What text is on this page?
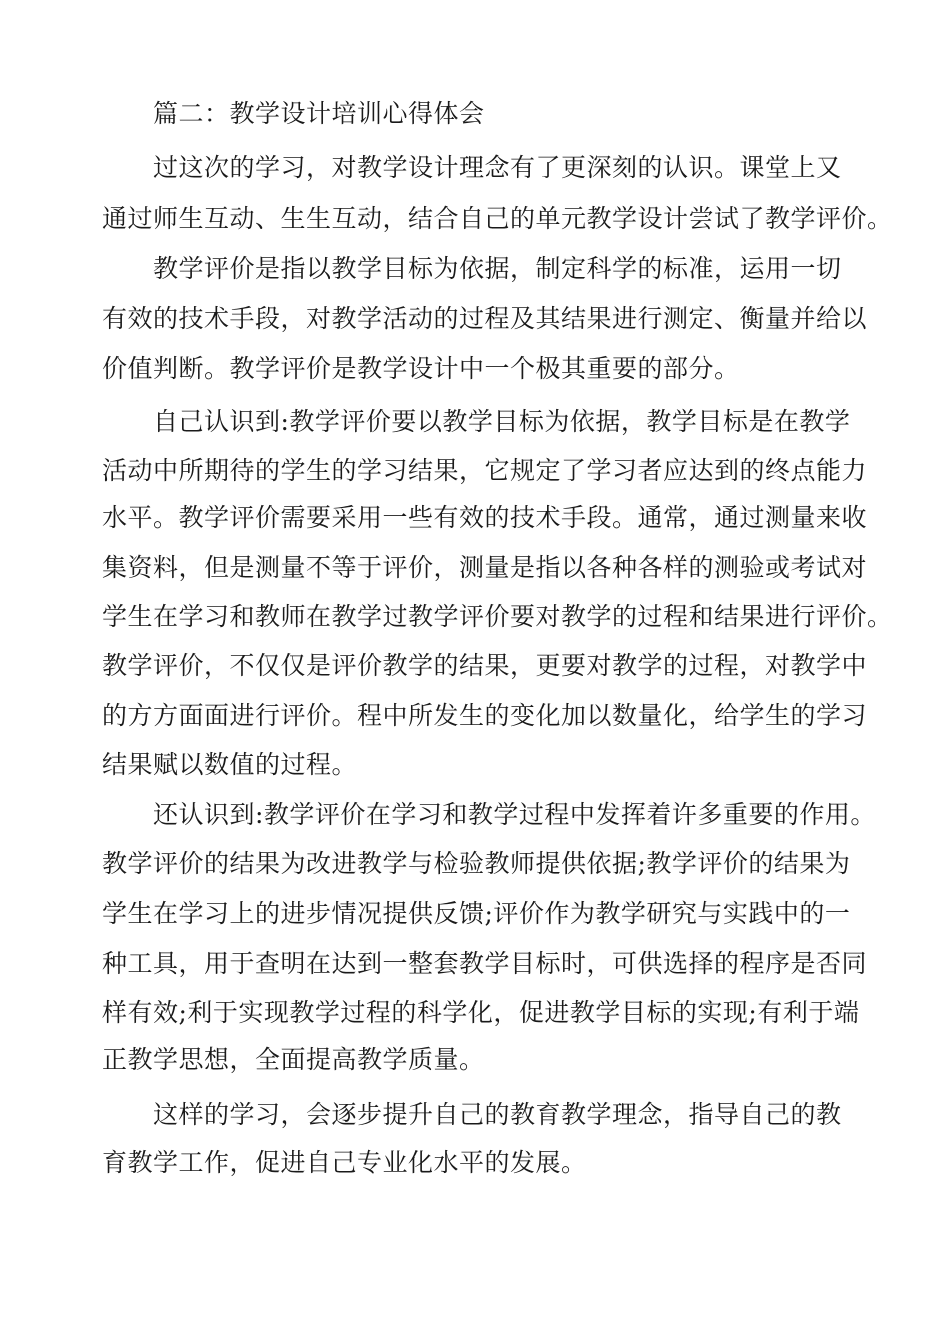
篇二：教学设计培训心得体会
过这次的学习，对教学设计理念有了更深刻的认识。课堂上又
通过师生互动、生生互动，结合自己的单元教学设计尝试了教学评价。
教学评价是指以教学目标为依据，制定科学的标准，运用一切
有效的技术手段，对教学活动的过程及其结果进行测定、衡量并给以
价值判断。教学评价是教学设计中一个极其重要的部分。
自己认识到:教学评价要以教学目标为依据，教学目标是在教学
活动中所期待的学生的学习结果，它规定了学习者应达到的终点能力
水平。教学评价需要采用一些有效的技术手段。通常，通过测量来收
集资料，但是测量不等于评价，测量是指以各种各样的测验或考试对
学生在学习和教师在教学过教学评价要对教学的过程和结果进行评价。
教学评价，不仅仅是评价教学的结果，更要对教学的过程，对教学中
的方方面面进行评价。程中所发生的变化加以数量化，给学生的学习
结果赋以数值的过程。
还认识到:教学评价在学习和教学过程中发挥着许多重要的作用。
教学评价的结果为改进教学与检验教师提供依据;教学评价的结果为
学生在学习上的进步情况提供反馈;评价作为教学研究与实践中的一
种工具，用于查明在达到一整套教学目标时，可供选择的程序是否同
样有效;利于实现教学过程的科学化，促进教学目标的实现;有利于端
正教学思想，全面提高教学质量。
这样的学习，会逐步提升自己的教育教学理念，指导自己的教
育教学工作，促进自己专业化水平的发展。
